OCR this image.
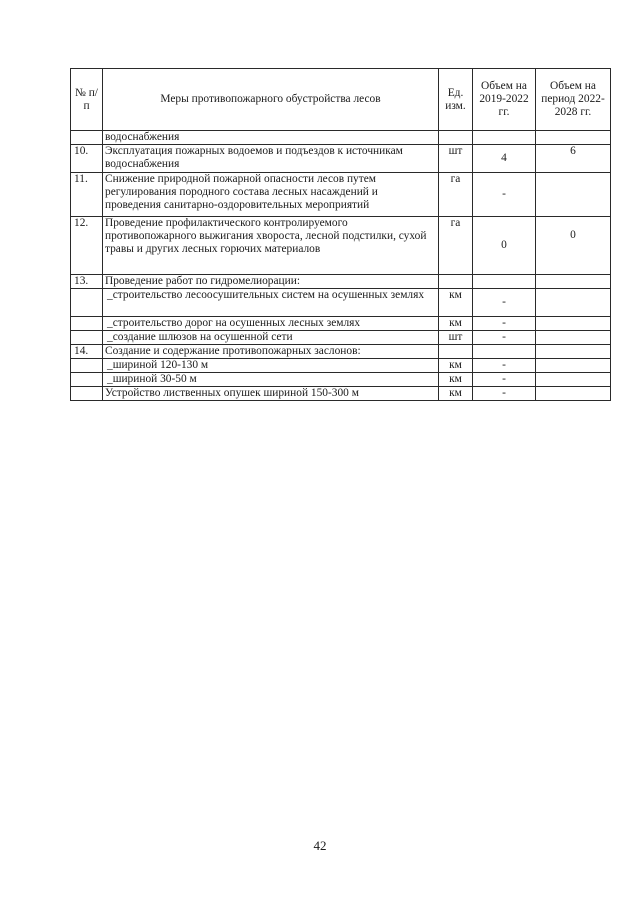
№ п/п	Меры противопожарного обустройства лесов	Ед. изм.	Объем на 2019-2022 гг.	Объем на период 2022-2028 гг.
	водоснабжения			
10.	Эксплуатация пожарных водоемов и подъездов к источникам водоснабжения	шт	4	6
11.	Снижение природной пожарной опасности лесов путем регулирования породного состава лесных насаждений и проведения санитарно-оздоровительных мероприятий	га	-	
12.	Проведение профилактического контролируемого противопожарного выжигания хвороста, лесной подстилки, сухой травы и других лесных горючих материалов	га	0	0
13.	Проведение работ по гидромелиорации:			
	_строительство лесоосушительных систем на осушенных землях	км	-	
	_строительство дорог на осушенных лесных землях	км	-	
	_создание шлюзов на осушенной сети	шт	-	
14.	Создание и содержание противопожарных заслонов:			
	_шириной 120-130 м	км	-	
	_шириной 30-50 м	км	-	
	Устройство лиственных опушек шириной 150-300 м	км	-	
42
